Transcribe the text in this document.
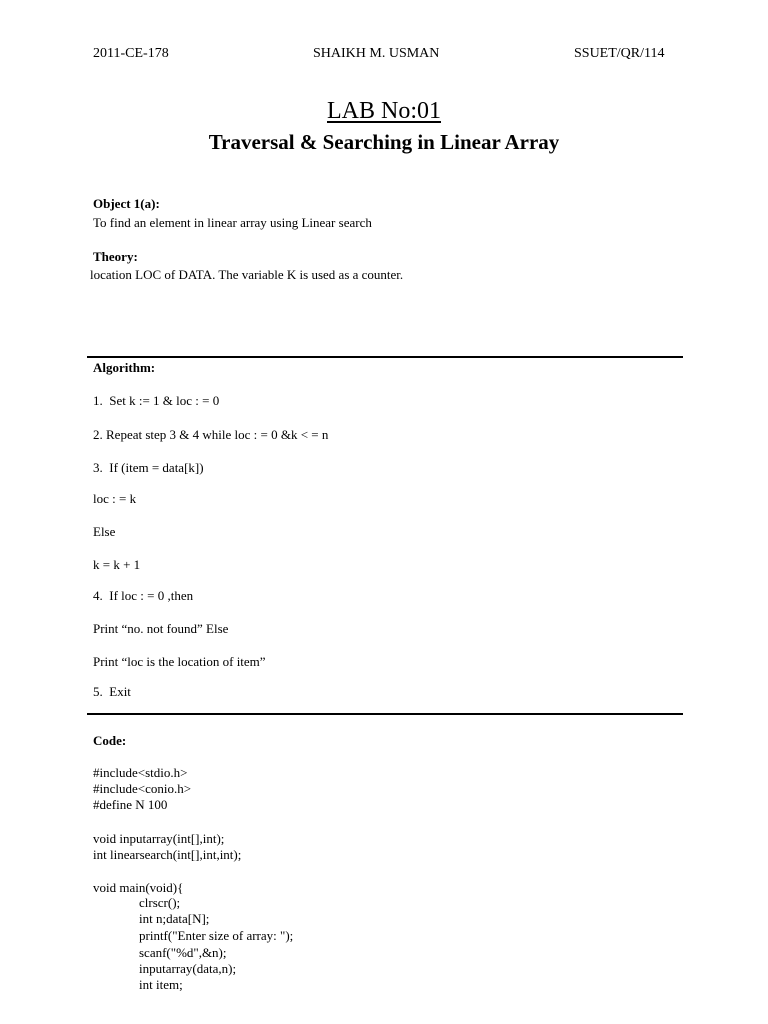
2011-CE-178	SHAIKH M. USMAN	SSUET/QR/114
LAB No:01
Traversal & Searching in Linear Array
Object 1(a):
To find an element in linear array using Linear search
Theory:
location LOC of DATA. The variable K is used as a counter.
Algorithm:
1.  Set k := 1 & loc : = 0
2. Repeat step 3 & 4 while loc : = 0 &k < = n
3.  If (item = data[k])
loc : = k
Else
k = k + 1
4.  If loc : = 0 ,then
Print “no. not found” Else
Print “loc is the location of item”
5.  Exit
Code:
#include<stdio.h>
#include<conio.h>
#define N 100
void inputarray(int[],int);
int linearsearch(int[],int,int);
void main(void){
clrscr();
int n;data[N];
printf("Enter size of array: ");
scanf("%d",&n);
inputarray(data,n);
int item;
